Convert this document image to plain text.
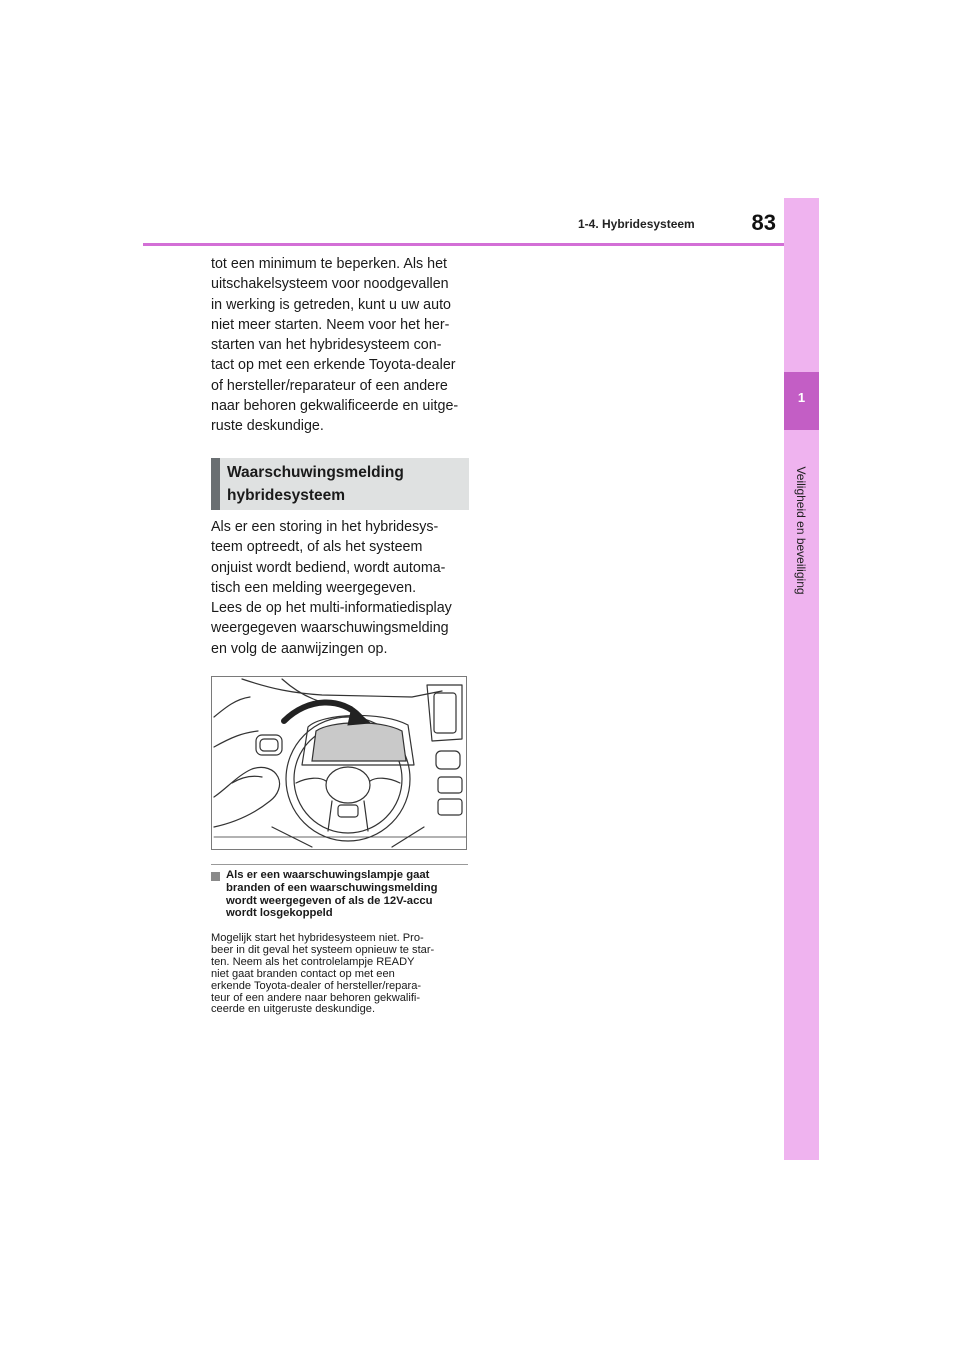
1-4. Hybridesysteem	83
1
Veiligheid en beveiliging

tot een minimum te beperken. Als het

uitschakelsysteem voor noodgevallen

in werking is getreden, kunt u uw auto

niet meer starten. Neem voor het her-

starten van het hybridesysteem con-

tact op met een erkende Toyota-dealer

of hersteller/reparateur of een andere

naar behoren gekwalificeerde en uitge-

ruste deskundige.

Waarschuwingsmelding
hybridesysteem

Als er een storing in het hybridesys-

teem optreedt, of als het systeem

onjuist wordt bediend, wordt automa-

tisch een melding weergegeven.

Lees de op het multi-informatiedisplay

weergegeven waarschuwingsmelding

en volg de aanwijzingen op.

Als er een waarschuwingslampje gaat
branden of een waarschuwingsmelding
wordt weergegeven of als de 12V-accu
wordt losgekoppeld

Mogelijk start het hybridesysteem niet. Pro-

beer in dit geval het systeem opnieuw te star-

ten. Neem als het controlelampje READY

niet gaat branden contact op met een

erkende Toyota-dealer of hersteller/repara-

teur of een andere naar behoren gekwalifi-

ceerde en uitgeruste deskundige.
